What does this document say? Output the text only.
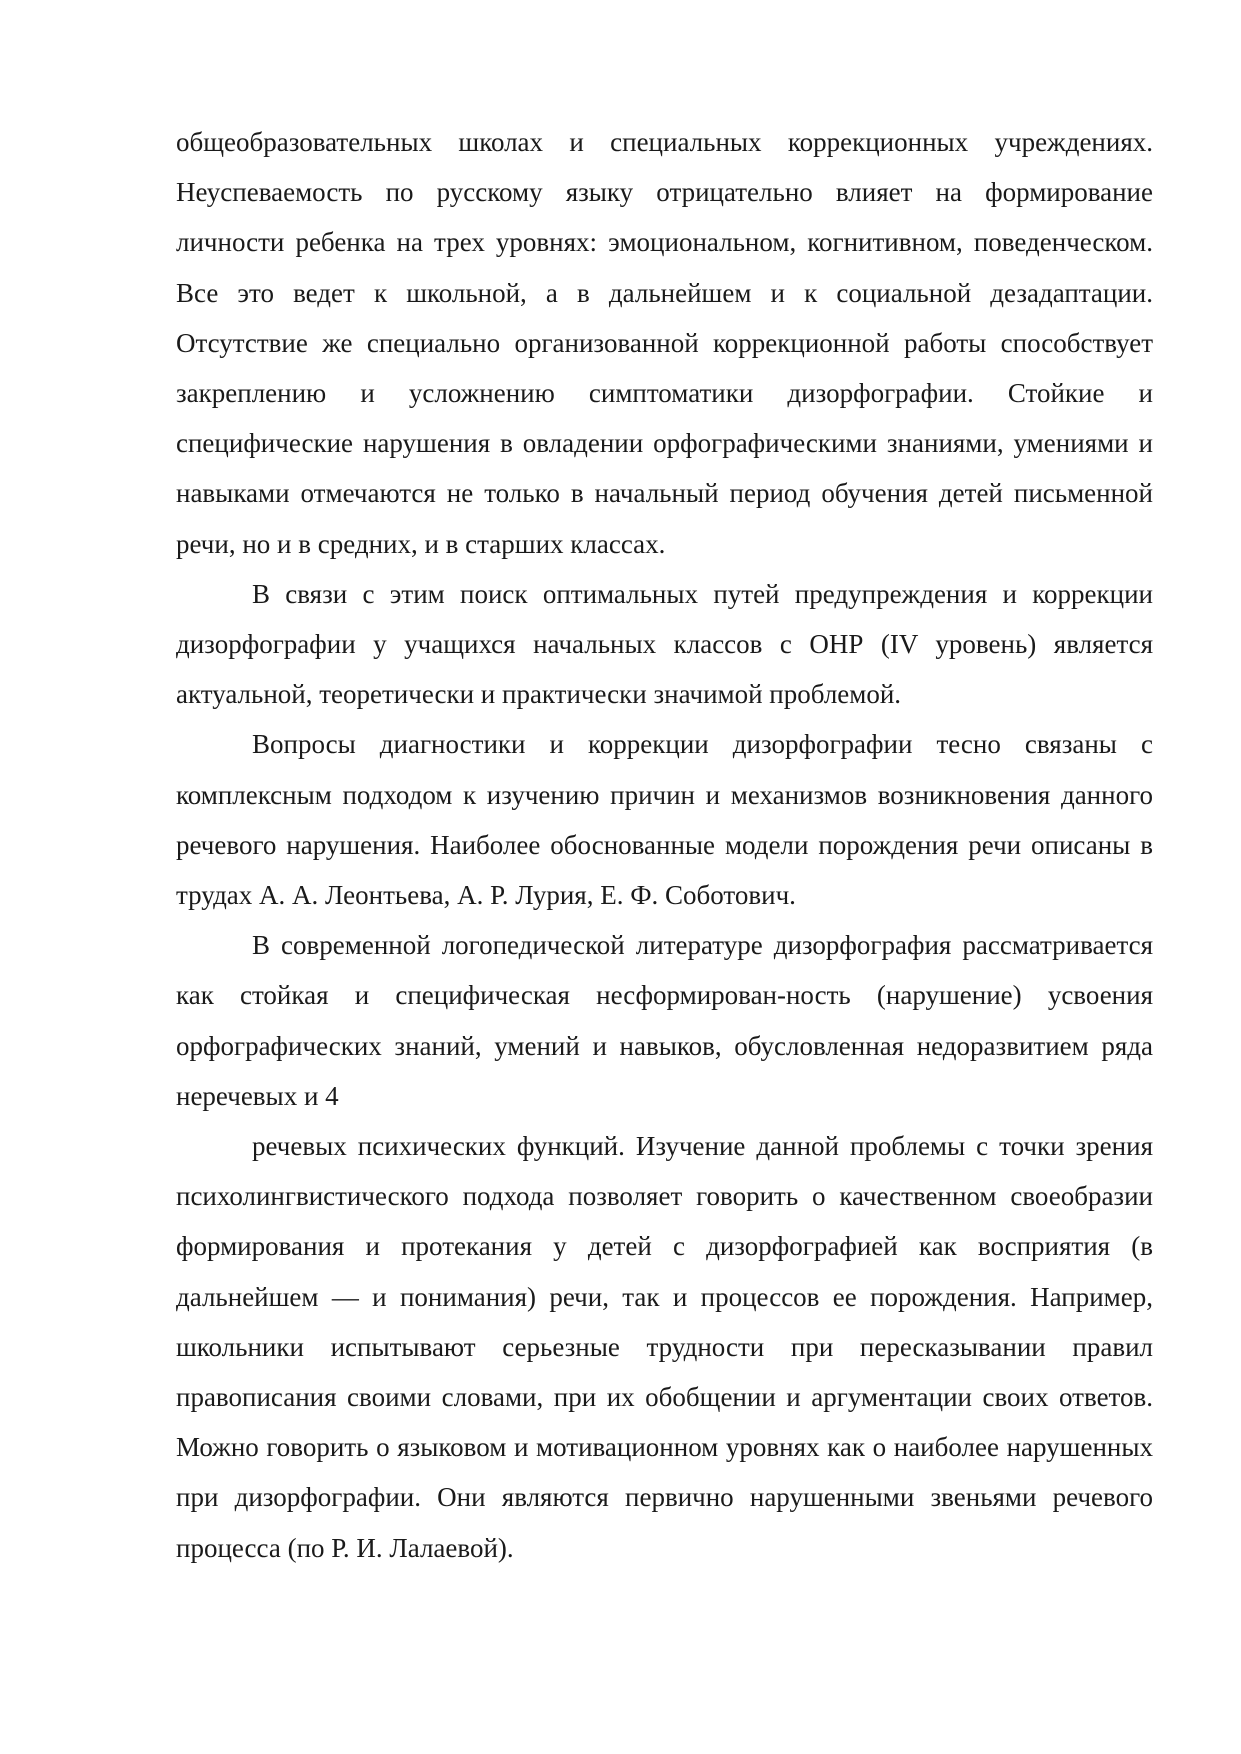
общеобразовательных школах и специальных коррекционных учреждениях. Неуспеваемость по русскому языку отрицательно влияет на формирование личности ребенка на трех уровнях: эмоциональном, когнитивном, поведенческом. Все это ведет к школьной, а в дальнейшем и к социальной дезадаптации. Отсутствие же специально организованной коррекционной работы способствует закреплению и усложнению симптоматики дизорфографии. Стойкие и специфические нарушения в овладении орфографическими знаниями, умениями и навыками отмечаются не только в начальный период обучения детей письменной речи, но и в средних, и в старших классах.

В связи с этим поиск оптимальных путей предупреждения и коррекции дизорфографии у учащихся начальных классов с ОНР (IV уровень) является актуальной, теоретически и практически значимой проблемой.

Вопросы диагностики и коррекции дизорфографии тесно связаны с комплексным подходом к изучению причин и механизмов возникновения данного речевого нарушения. Наиболее обоснованные модели порождения речи описаны в трудах А. А. Леонтьева, А. Р. Лурия, Е. Ф. Соботович.

В современной логопедической литературе дизорфография рассматривается как стойкая и специфическая несформирован-ность (нарушение) усвоения орфографических знаний, умений и навыков, обусловленная недоразвитием ряда неречевых и 4

речевых психических функций. Изучение данной проблемы с точки зрения психолингвистического подхода позволяет говорить о качественном своеобразии формирования и протекания у детей с дизорфографией как восприятия (в дальнейшем — и понимания) речи, так и процессов ее порождения. Например, школьники испытывают серьезные трудности при пересказывании правил правописания своими словами, при их обобщении и аргументации своих ответов. Можно говорить о языковом и мотивационном уровнях как о наиболее нарушенных при дизорфографии. Они являются первично нарушенными звеньями речевого процесса (по Р. И. Лалаевой).
